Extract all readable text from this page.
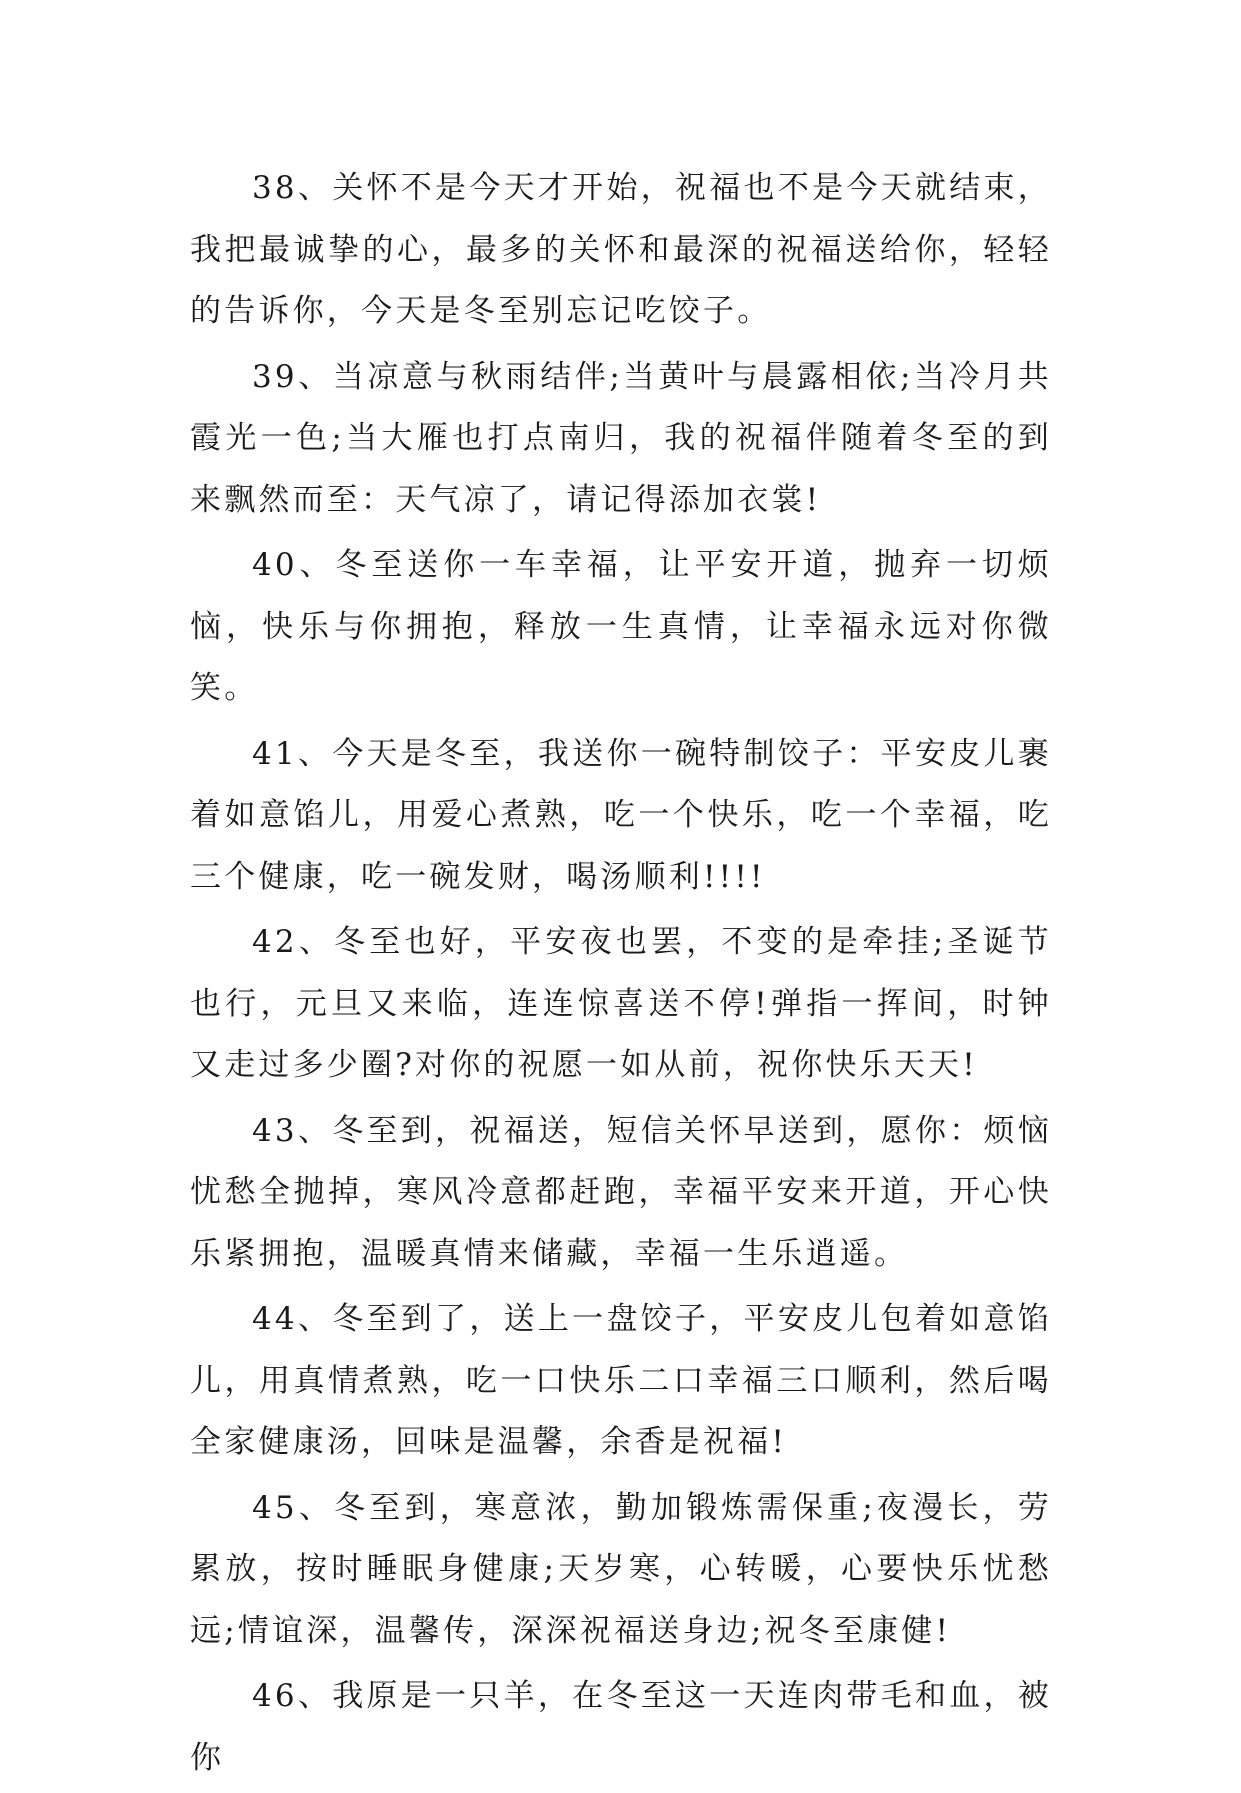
38、关怀不是今天才开始，祝福也不是今天就结束，我把最诚挚的心，最多的关怀和最深的祝福送给你，轻轻的告诉你，今天是冬至别忘记吃饺子。

39、当凉意与秋雨结伴;当黄叶与晨露相依;当冷月共霞光一色;当大雁也打点南归，我的祝福伴随着冬至的到来飘然而至：天气凉了，请记得添加衣裳!

40、冬至送你一车幸福，让平安开道，抛弃一切烦恼，快乐与你拥抱，释放一生真情，让幸福永远对你微笑。

41、今天是冬至，我送你一碗特制饺子：平安皮儿裹着如意馅儿，用爱心煮熟，吃一个快乐，吃一个幸福，吃三个健康，吃一碗发财，喝汤顺利!!!!

42、冬至也好，平安夜也罢，不变的是牵挂;圣诞节也行，元旦又来临，连连惊喜送不停!弹指一挥间，时钟又走过多少圈?对你的祝愿一如从前，祝你快乐天天!

43、冬至到，祝福送，短信关怀早送到，愿你：烦恼忧愁全抛掉，寒风冷意都赶跑，幸福平安来开道，开心快乐紧拥抱，温暖真情来储藏，幸福一生乐逍遥。

44、冬至到了，送上一盘饺子，平安皮儿包着如意馅儿，用真情煮熟，吃一口快乐二口幸福三口顺利，然后喝全家健康汤，回味是温馨，余香是祝福!

45、冬至到，寒意浓，勤加锻炼需保重;夜漫长，劳累放，按时睡眠身健康;天岁寒，心转暖，心要快乐忧愁远;情谊深，温馨传，深深祝福送身边;祝冬至康健!

46、我原是一只羊，在冬至这一天连肉带毛和血，被你
